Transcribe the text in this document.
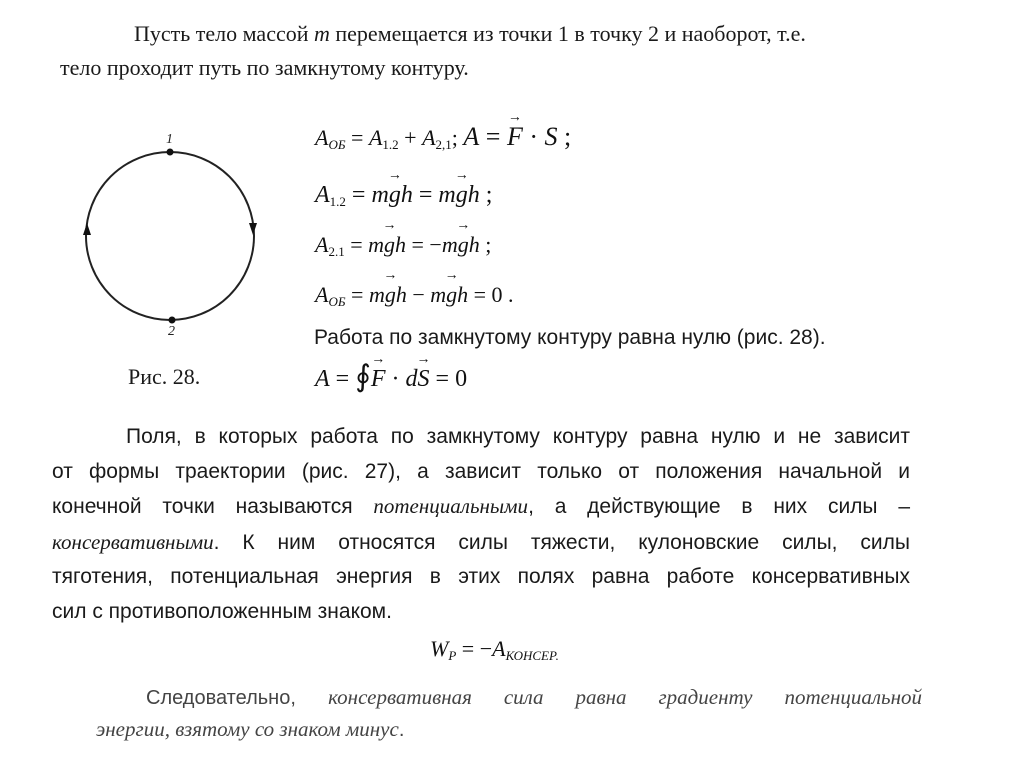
Пусть тело массой m перемещается из точки 1 в точку 2 и наоборот, т.е.
тело проходит путь по замкнутому контуру.
1
2
Рис. 28.
$A_{ОБ} = A_{1.2} + A_{2,1}$; A = → F · S ;
$A_{1.2} = m\to$ gh = m→ gh ;
$A_{2.1} = m\to$ gh = −m→ gh ;
$A_{ОБ} = m\to$ gh − m→ gh = 0 .
Работа по замкнутому контуру равна нулю (рис. 28).
A = ∮→ F · d→ S = 0
Поля, в которых работа по замкнутому контуру равна нулю и не зависит
от формы траектории (рис. 27), а зависит только от положения начальной и
конечной точки называются потенциальными, а действующие в них силы –
консервативными. К ним относятся силы тяжести, кулоновские силы, силы
тяготения, потенциальная энергия в этих полях равна работе консервативных
сил с противоположенным знаком.
$W_P = -A_{КОНСЕР.}$
Следовательно, консервативная сила равна градиенту потенциальной
энергии, взятому со знаком минус.
